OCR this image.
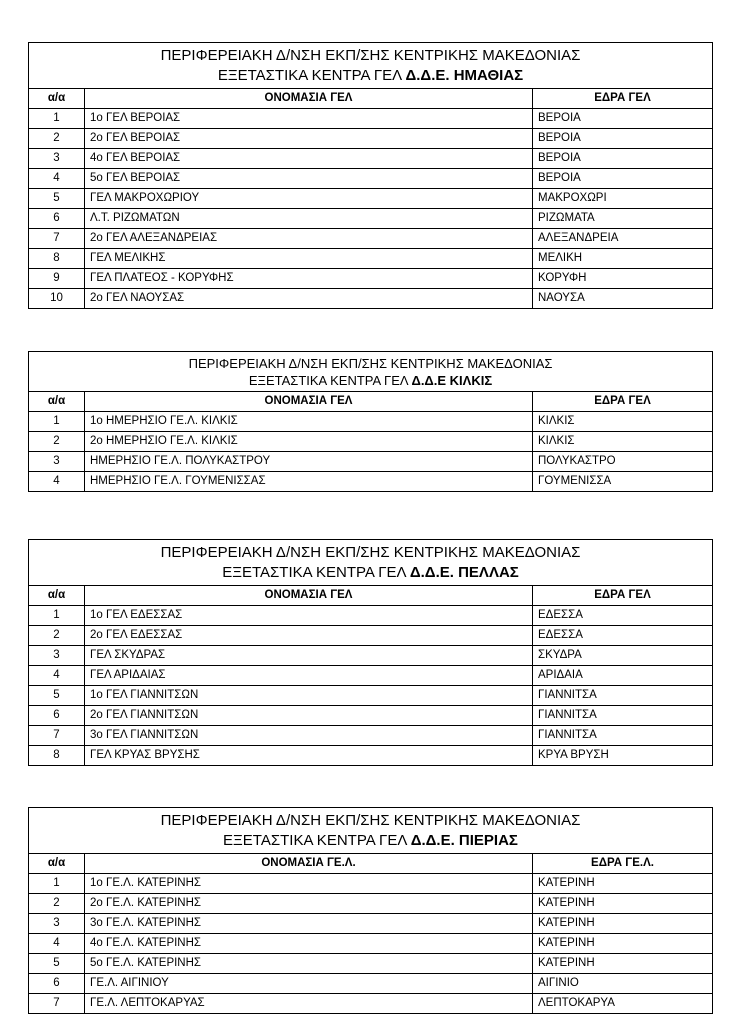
ΠΕΡΙΦΕΡΕΙΑΚΗ Δ/ΝΣΗ ΕΚΠ/ΣΗΣ ΚΕΝΤΡΙΚΗΣ ΜΑΚΕΔΟΝΙΑΣ
ΕΞΕΤΑΣΤΙΚΑ ΚΕΝΤΡΑ ΓΕΛ Δ.Δ.Ε. ΗΜΑΘΙΑΣ		

α/α	ΟΝΟΜΑΣΙΑ ΓΕΛ	ΕΔΡΑ ΓΕΛ
1	1ο ΓΕΛ ΒΕΡΟΙΑΣ	ΒΕΡΟΙΑ
2	2ο ΓΕΛ ΒΕΡΟΙΑΣ	ΒΕΡΟΙΑ
3	4ο ΓΕΛ ΒΕΡΟΙΑΣ	ΒΕΡΟΙΑ
4	5ο ΓΕΛ ΒΕΡΟΙΑΣ	ΒΕΡΟΙΑ
5	ΓΕΛ ΜΑΚΡΟΧΩΡΙΟΥ	ΜΑΚΡΟΧΩΡΙ
6	Λ.Τ. ΡΙΖΩΜΑΤΩΝ	ΡΙΖΩΜΑΤΑ
7	2ο ΓΕΛ ΑΛΕΞΑΝΔΡΕΙΑΣ	ΑΛΕΞΑΝΔΡΕΙΑ
8	ΓΕΛ ΜΕΛΙΚΗΣ	ΜΕΛΙΚΗ
9	ΓΕΛ ΠΛΑΤΕΟΣ - ΚΟΡΥΦΗΣ	ΚΟΡΥΦΗ
10	2ο ΓΕΛ ΝΑΟΥΣΑΣ	ΝΑΟΥΣΑ
ΠΕΡΙΦΕΡΕΙΑΚΗ Δ/ΝΣΗ ΕΚΠ/ΣΗΣ ΚΕΝΤΡΙΚΗΣ ΜΑΚΕΔΟΝΙΑΣ
ΕΞΕΤΑΣΤΙΚΑ ΚΕΝΤΡΑ ΓΕΛ Δ.Δ.Ε ΚΙΛΚΙΣ		

α/α	ΟΝΟΜΑΣΙΑ ΓΕΛ	ΕΔΡΑ ΓΕΛ
1	1ο ΗΜΕΡΗΣΙΟ ΓΕ.Λ. ΚΙΛΚΙΣ	ΚΙΛΚΙΣ
2	2ο ΗΜΕΡΗΣΙΟ ΓΕ.Λ. ΚΙΛΚΙΣ	ΚΙΛΚΙΣ
3	ΗΜΕΡΗΣΙΟ ΓΕ.Λ. ΠΟΛΥΚΑΣΤΡΟΥ	ΠΟΛΥΚΑΣΤΡΟ
4	ΗΜΕΡΗΣΙΟ ΓΕ.Λ. ΓΟΥΜΕΝΙΣΣΑΣ	ΓΟΥΜΕΝΙΣΣΑ
ΠΕΡΙΦΕΡΕΙΑΚΗ Δ/ΝΣΗ ΕΚΠ/ΣΗΣ ΚΕΝΤΡΙΚΗΣ ΜΑΚΕΔΟΝΙΑΣ
ΕΞΕΤΑΣΤΙΚΑ ΚΕΝΤΡΑ ΓΕΛ Δ.Δ.Ε. ΠΕΛΛΑΣ		

α/α	ΟΝΟΜΑΣΙΑ ΓΕΛ	ΕΔΡΑ ΓΕΛ
1	1ο ΓΕΛ ΕΔΕΣΣΑΣ	ΕΔΕΣΣΑ
2	2ο ΓΕΛ ΕΔΕΣΣΑΣ	ΕΔΕΣΣΑ
3	ΓΕΛ ΣΚΥΔΡΑΣ	ΣΚΥΔΡΑ
4	ΓΕΛ ΑΡΙΔΑΙΑΣ	ΑΡΙΔΑΙΑ
5	1ο ΓΕΛ ΓΙΑΝΝΙΤΣΩΝ	ΓΙΑΝΝΙΤΣΑ
6	2ο ΓΕΛ ΓΙΑΝΝΙΤΣΩΝ	ΓΙΑΝΝΙΤΣΑ
7	3ο ΓΕΛ ΓΙΑΝΝΙΤΣΩΝ	ΓΙΑΝΝΙΤΣΑ
8	ΓΕΛ ΚΡΥΑΣ ΒΡΥΣΗΣ	ΚΡΥΑ ΒΡΥΣΗ
ΠΕΡΙΦΕΡΕΙΑΚΗ Δ/ΝΣΗ ΕΚΠ/ΣΗΣ ΚΕΝΤΡΙΚΗΣ ΜΑΚΕΔΟΝΙΑΣ
ΕΞΕΤΑΣΤΙΚΑ ΚΕΝΤΡΑ ΓΕΛ Δ.Δ.Ε. ΠΙΕΡΙΑΣ		

α/α	ΟΝΟΜΑΣΙΑ ΓΕ.Λ.	ΕΔΡΑ ΓΕ.Λ.
1	1ο ΓΕ.Λ. ΚΑΤΕΡΙΝΗΣ	ΚΑΤΕΡΙΝΗ
2	2ο ΓΕ.Λ. ΚΑΤΕΡΙΝΗΣ	ΚΑΤΕΡΙΝΗ
3	3ο ΓΕ.Λ. ΚΑΤΕΡΙΝΗΣ	ΚΑΤΕΡΙΝΗ
4	4ο ΓΕ.Λ. ΚΑΤΕΡΙΝΗΣ	ΚΑΤΕΡΙΝΗ
5	5ο ΓΕ.Λ. ΚΑΤΕΡΙΝΗΣ	ΚΑΤΕΡΙΝΗ
6	ΓΕ.Λ. ΑΙΓΙΝΙΟΥ	ΑΙΓΙΝΙΟ
7	ΓΕ.Λ. ΛΕΠΤΟΚΑΡΥΑΣ	ΛΕΠΤΟΚΑΡΥΑ
